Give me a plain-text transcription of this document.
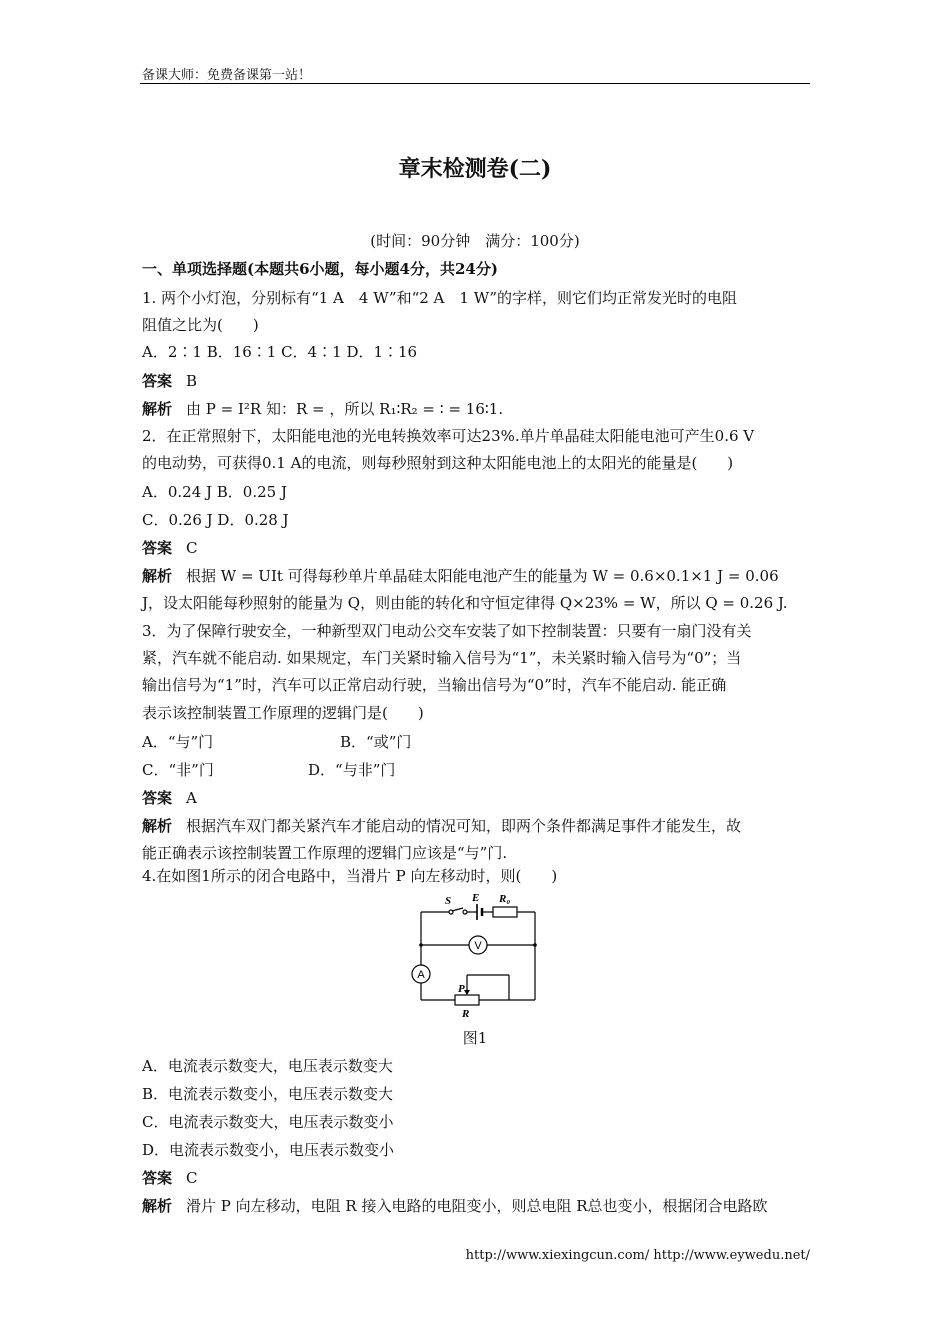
备课大师：免费备课第一站！
章末检测卷(二)
(时间：90分钟　满分：100分)
一、单项选择题(本题共6小题，每小题4分，共24分)
1. 两个小灯泡，分别标有“1 A　4 W”和“2 A　1 W”的字样，则它们均正常发光时的电阻
阻值之比为(　　)
A．2∶1 B．16∶1 C．4∶1 D．1∶16
答案 B
解析 由 P = I²R 知：R = ，所以 R₁∶R₂ = ∶ = 16∶1.
2．在正常照射下，太阳能电池的光电转换效率可达23%.单片单晶硅太阳能电池可产生0.6 V
的电动势，可获得0.1 A的电流，则每秒照射到这种太阳能电池上的太阳光的能量是(　　)
A．0.24 J B．0.25 J
C．0.26 J D．0.28 J
答案 C
解析 根据 W = UIt 可得每秒单片单晶硅太阳能电池产生的能量为 W = 0.6×0.1×1 J = 0.06
J，设太阳能每秒照射的能量为 Q，则由能的转化和守恒定律得 Q×23% = W，所以 Q = 0.26 J.
3．为了保障行驶安全，一种新型双门电动公交车安装了如下控制装置：只要有一扇门没有关
紧，汽车就不能启动. 如果规定，车门关紧时输入信号为“1”，未关紧时输入信号为“0”；当
输出信号为“1”时，汽车可以正常启动行驶，当输出信号为“0”时，汽车不能启动. 能正确
表示该控制装置工作原理的逻辑门是(　　)
A．“与”门	B．“或”门
C．“非”门	D．“与非”门
答案 A
解析 根据汽车双门都关紧汽车才能启动的情况可知，即两个条件都满足事件才能发生，故
能正确表示该控制装置工作原理的逻辑门应该是“与”门.
4.在如图1所示的闭合电路中，当滑片 P 向左移动时，则(　　)
S E R₀
P
R
V
A
图1
A．电流表示数变大，电压表示数变大
B．电流表示数变小，电压表示数变大
C．电流表示数变大，电压表示数变小
D．电流表示数变小，电压表示数变小
答案 C
解析 滑片 P 向左移动，电阻 R 接入电路的电阻变小，则总电阻 R总也变小，根据闭合电路欧
http://www.xiexingcun.com/ http://www.eywedu.net/
